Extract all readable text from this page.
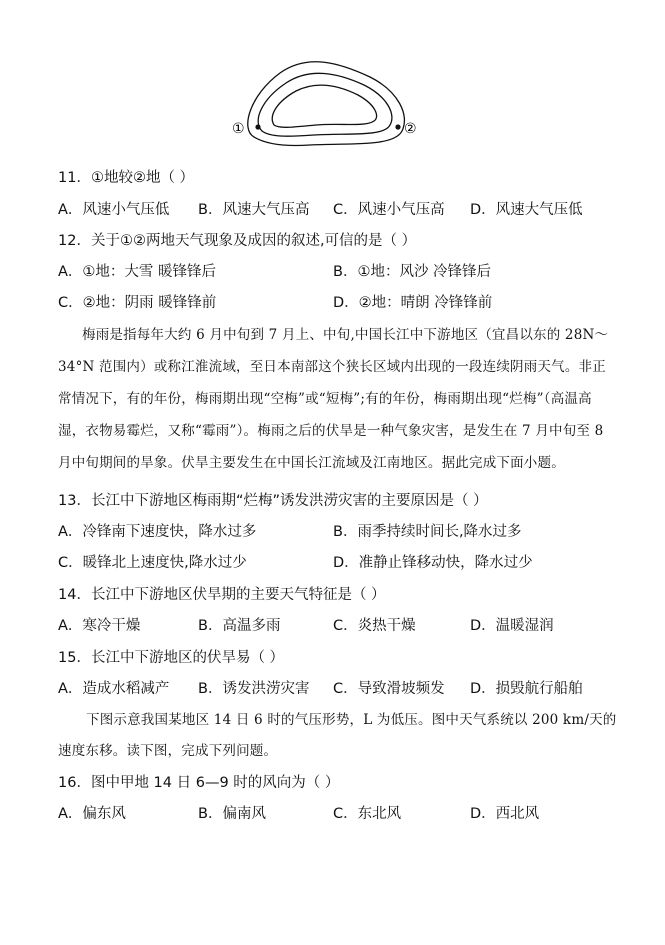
①	②
11．①地较②地（ ）
A．风速小气压低 B．风速大气压高 C．风速小气压高 D．风速大气压低
12．关于①②两地天气现象及成因的叙述,可信的是（ ）
A．①地：大雪 暖锋锋后	B．①地：风沙 冷锋锋后
C．②地：阴雨 暖锋锋前	D．②地：晴朗 冷锋锋前
梅雨是指每年大约 6 月中旬到 7 月上、中旬,中国长江中下游地区（宜昌以东的 28N～
34°N 范围内）或称江淮流域，至日本南部这个狭长区域内出现的一段连续阴雨天气。非正
常情况下，有的年份，梅雨期出现“空梅”或“短梅”;有的年份，梅雨期出现“烂梅”（高温高
湿，衣物易霉烂，又称“霉雨”）。梅雨之后的伏旱是一种气象灾害，是发生在 7 月中旬至 8
月中旬期间的旱象。伏旱主要发生在中国长江流域及江南地区。据此完成下面小题。
13．长江中下游地区梅雨期“烂梅”诱发洪涝灾害的主要原因是（ ）
A．冷锋南下速度快，降水过多	B．雨季持续时间长,降水过多
C．暖锋北上速度快,降水过少	D．准静止锋移动快，降水过少
14．长江中下游地区伏旱期的主要天气特征是（ ）
A．寒冷干燥	B．高温多雨	C．炎热干燥	D．温暖湿润
15．长江中下游地区的伏旱易（ ）
A．造成水稻减产 B．诱发洪涝灾害 C．导致滑坡频发 D．损毁航行船舶
下图示意我国某地区 14 日 6 时的气压形势，L 为低压。图中天气系统以 200 km/天的
速度东移。读下图，完成下列问题。
16．图中甲地 14 日 6—9 时的风向为（ ）
A．偏东风	B．偏南风	C．东北风	D．西北风
